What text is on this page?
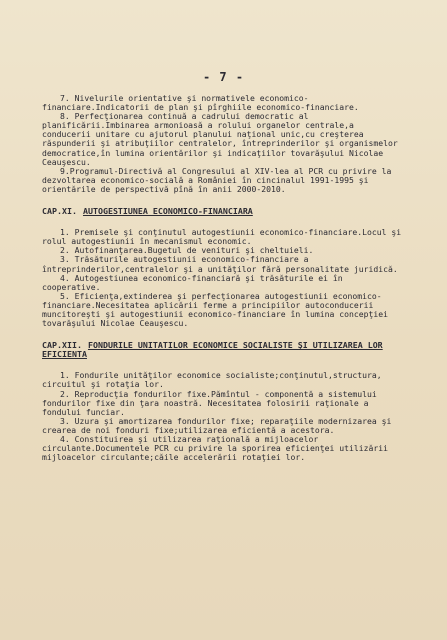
- 7 -

7. Nivelurile orientative şi normativele economico-financiare.Indicatorii de plan şi pîrghiile economico-financiare.

8. Perfecţionarea continuă a cadrului democratic al planificării.Imbinarea armonioasă a rolului organelor centrale,a conducerii unitare cu ajutorul planului naţional unic,cu creşterea răspunderii şi atribuţiilor centralelor, întreprinderilor şi organismelor democratice,în lumina orientărilor şi indicaţiilor tovarăşului Nicolae Ceauşescu.

9.Programul-Directivă al Congresului al XIV-lea al PCR cu privire la dezvoltarea economico-socială a României în cincinalul 1991-1995 şi orientările de perspectivă pînă în anii 2000-2010.

CAP.XI. AUTOGESTIUNEA ECONOMICO-FINANCIARA

1. Premisele şi conţinutul autogestiunii economico-financiare.Locul şi rolul autogestiunii în mecanismul economic.

2. Autofinanţarea.Bugetul de venituri şi cheltuieli.

3. Trăsăturile autogestiunii economico-financiare a întreprinderilor,centralelor şi a unităţilor fără personalitate juridică.

4. Autogestiunea economico-financiară şi trăsăturile ei în cooperative.

5. Eficienţa,extinderea şi perfecţionarea autogestiunii economico-financiare.Necesitatea aplicării ferme a principiilor autoconducerii muncitoreşti şi autogestiunii economico-financiare în lumina concepţiei tovarăşului Nicolae Ceauşescu.

CAP.XII. FONDURILE UNITATILOR ECONOMICE SOCIALISTE ŞI UTILIZAREA LOR EFICIENTA

1. Fondurile unităţilor economice socialiste;conţinutul,structura, circuitul şi rotaţia lor.

2. Reproducţia fondurilor fixe.Pămîntul - componentă a sistemului fondurilor fixe din ţara noastră. Necesitatea folosirii raţionale a fondului funciar.

3. Uzura şi amortizarea fondurilor fixe; reparaţiile modernizarea şi crearea de noi fonduri fixe;utilizarea eficientă a acestora.

4. Constituirea şi utilizarea raţională a mijloacelor circulante.Documentele PCR cu privire la sporirea eficienţei utilizării mijloacelor circulante;căile accelerării rotaţiei lor.
